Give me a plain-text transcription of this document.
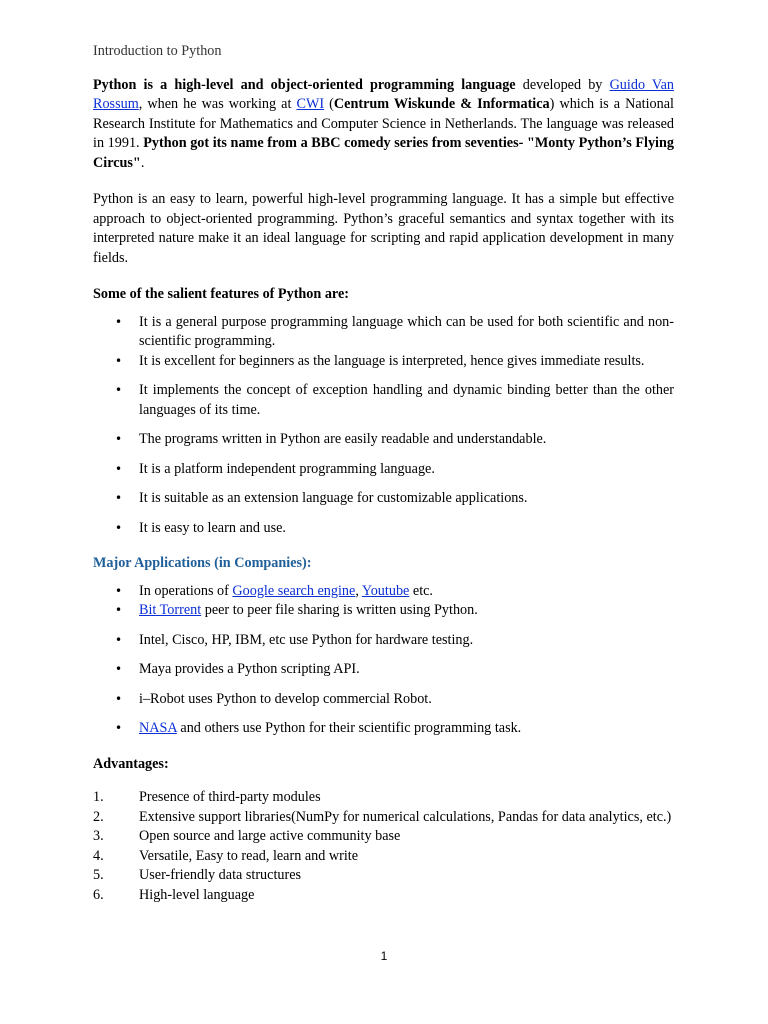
Introduction to Python

Python is a high-level and object-oriented programming language developed by Guido Van Rossum, when he was working at CWI (Centrum Wiskunde & Informatica) which is a National Research Institute for Mathematics and Computer Science in Netherlands. The language was released in 1991. Python got its name from a BBC comedy series from seventies- "Monty Python’s Flying Circus".

Python is an easy to learn, powerful high-level programming language. It has a simple but effective approach to object-oriented programming. Python’s graceful semantics and syntax together with its interpreted nature make it an ideal language for scripting and rapid application development in many fields.

Some of the salient features of Python are:

• It is a general purpose programming language which can be used for both scientific and non-scientific programming.
• It is excellent for beginners as the language is interpreted, hence gives immediate results.
• It implements the concept of exception handling and dynamic binding better than the other languages of its time.
• The programs written in Python are easily readable and understandable.
• It is a platform independent programming language.
• It is suitable as an extension language for customizable applications.
• It is easy to learn and use.

Major Applications (in Companies):

• In operations of Google search engine, Youtube etc.
• Bit Torrent peer to peer file sharing is written using Python.
• Intel, Cisco, HP, IBM, etc use Python for hardware testing.
• Maya provides a Python scripting API.
• i–Robot uses Python to develop commercial Robot.
• NASA and others use Python for their scientific programming task.

Advantages:

1. Presence of third-party modules
2. Extensive support libraries(NumPy for numerical calculations, Pandas for data analytics, etc.)
3. Open source and large active community base
4. Versatile, Easy to read, learn and write
5. User-friendly data structures
6. High-level language
1
